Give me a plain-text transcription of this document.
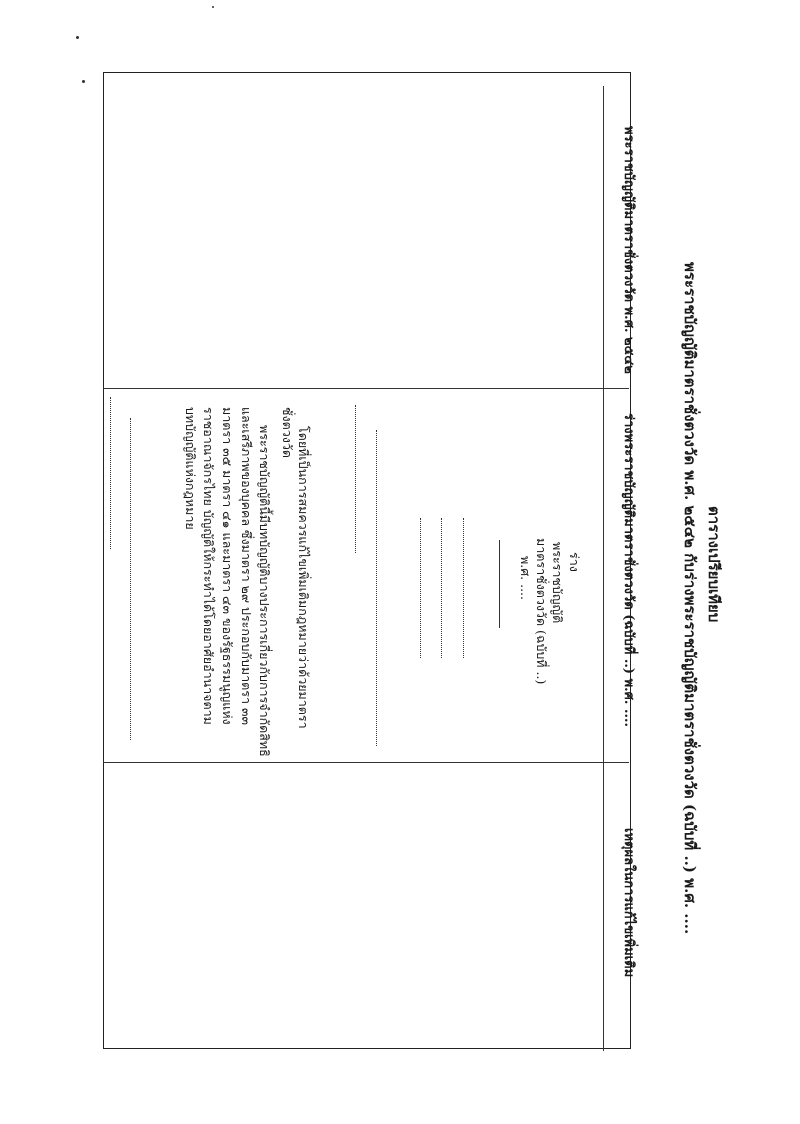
ตารางเปรียบเทียบ
พระราชบัญญัติมาตราชั่งตวงวัด พ.ศ. ๒๕๔๒ กับร่างพระราชบัญญัติมาตราชั่งตวงวัด (ฉบับที่ ..) พ.ศ. ....
พระราชบัญญัติมาตราชั่งตวงวัด พ.ศ. ๒๕๔๒
ร่างพระราชบัญญัติมาตราชั่งตวงวัด (ฉบับที่ ..) พ.ศ. ....
เหตุผลในการแก้ไขเพิ่มเติม
ร่าง
พระราชบัญญัติ
มาตราชั่งตวงวัด (ฉบับที่ ..)
พ.ศ. ....
โดยที่เป็นการสมควรแก้ไขเพิ่มเติมกฎหมายว่าด้วยมาตรา
ชั่งตวงวัด
พระราชบัญญัตินี้มีบทบัญญัติบางประการเกี่ยวกับการจำกัดสิทธิ
และเสรีภาพของบุคคล ซึ่งมาตรา ๒๙ ประกอบกับมาตรา ๓๓
มาตรา ๓๕ มาตรา ๔๑ และมาตรา ๔๓ ของรัฐธรรมนูญแห่ง
ราชอาณาจักรไทย บัญญัติให้กระทำได้โดยอาศัยอำนาจตาม
บทบัญญัติแห่งกฎหมาย
